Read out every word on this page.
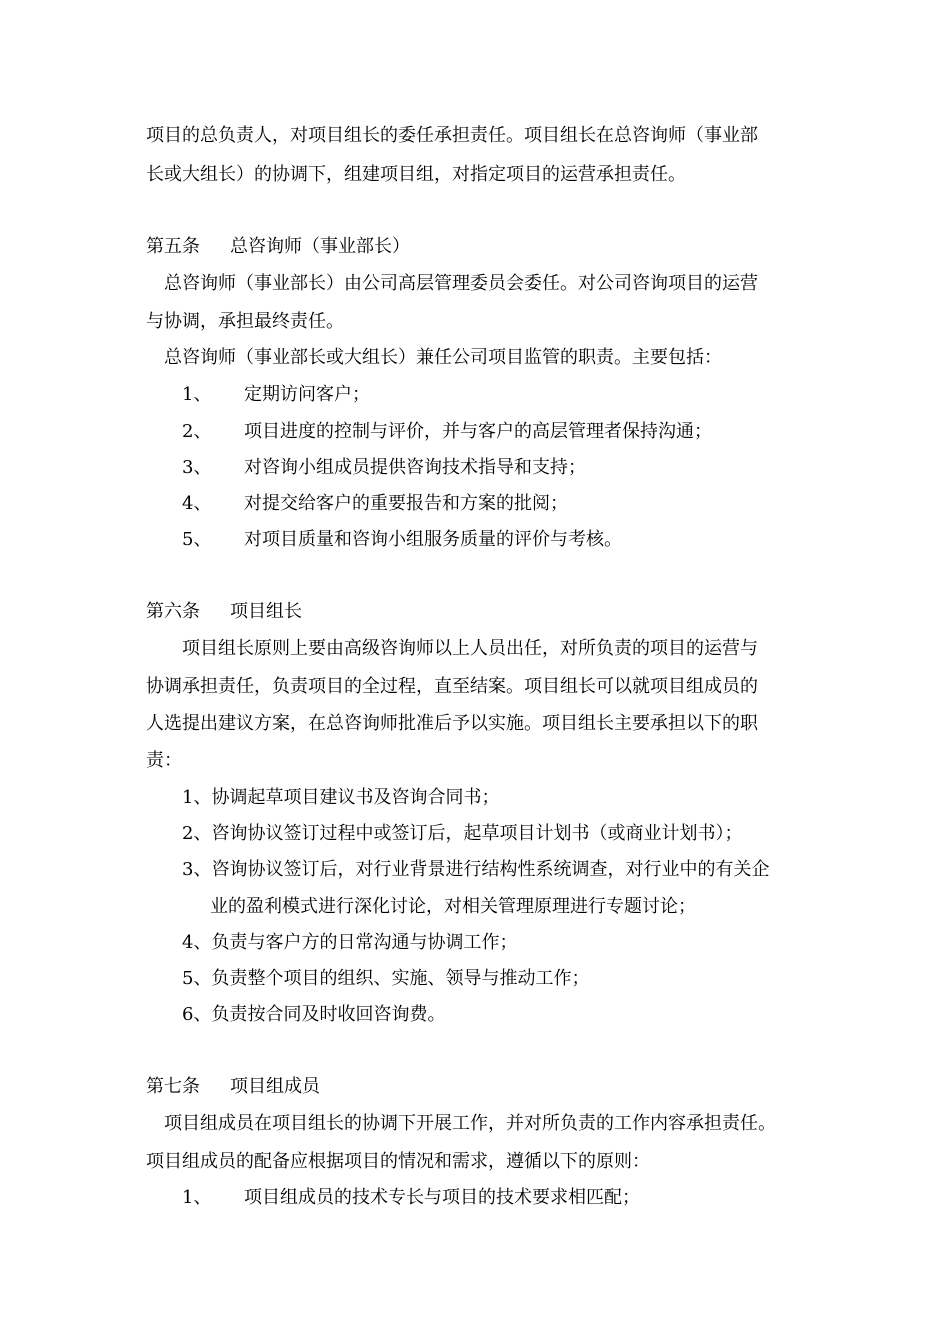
项目的总负责人，对项目组长的委任承担责任。项目组长在总咨询师（事业部
长或大组长）的协调下，组建项目组，对指定项目的运营承担责任。
第五条 总咨询师（事业部长）
总咨询师（事业部长）由公司高层管理委员会委任。对公司咨询项目的运营
与协调，承担最终责任。
总咨询师（事业部长或大组长）兼任公司项目监管的职责。主要包括：
1、 定期访问客户；
2、 项目进度的控制与评价，并与客户的高层管理者保持沟通；
3、 对咨询小组成员提供咨询技术指导和支持；
4、 对提交给客户的重要报告和方案的批阅；
5、 对项目质量和咨询小组服务质量的评价与考核。
第六条 项目组长
项目组长原则上要由高级咨询师以上人员出任，对所负责的项目的运营与
协调承担责任，负责项目的全过程，直至结案。项目组长可以就项目组成员的
人选提出建议方案，在总咨询师批准后予以实施。项目组长主要承担以下的职
责：
1、协调起草项目建议书及咨询合同书；
2、咨询协议签订过程中或签订后，起草项目计划书（或商业计划书）；
3、咨询协议签订后，对行业背景进行结构性系统调查，对行业中的有关企
业的盈利模式进行深化讨论，对相关管理原理进行专题讨论；
4、负责与客户方的日常沟通与协调工作；
5、负责整个项目的组织、实施、领导与推动工作；
6、负责按合同及时收回咨询费。
第七条 项目组成员
项目组成员在项目组长的协调下开展工作，并对所负责的工作内容承担责任。
项目组成员的配备应根据项目的情况和需求，遵循以下的原则：
1、 项目组成员的技术专长与项目的技术要求相匹配；
